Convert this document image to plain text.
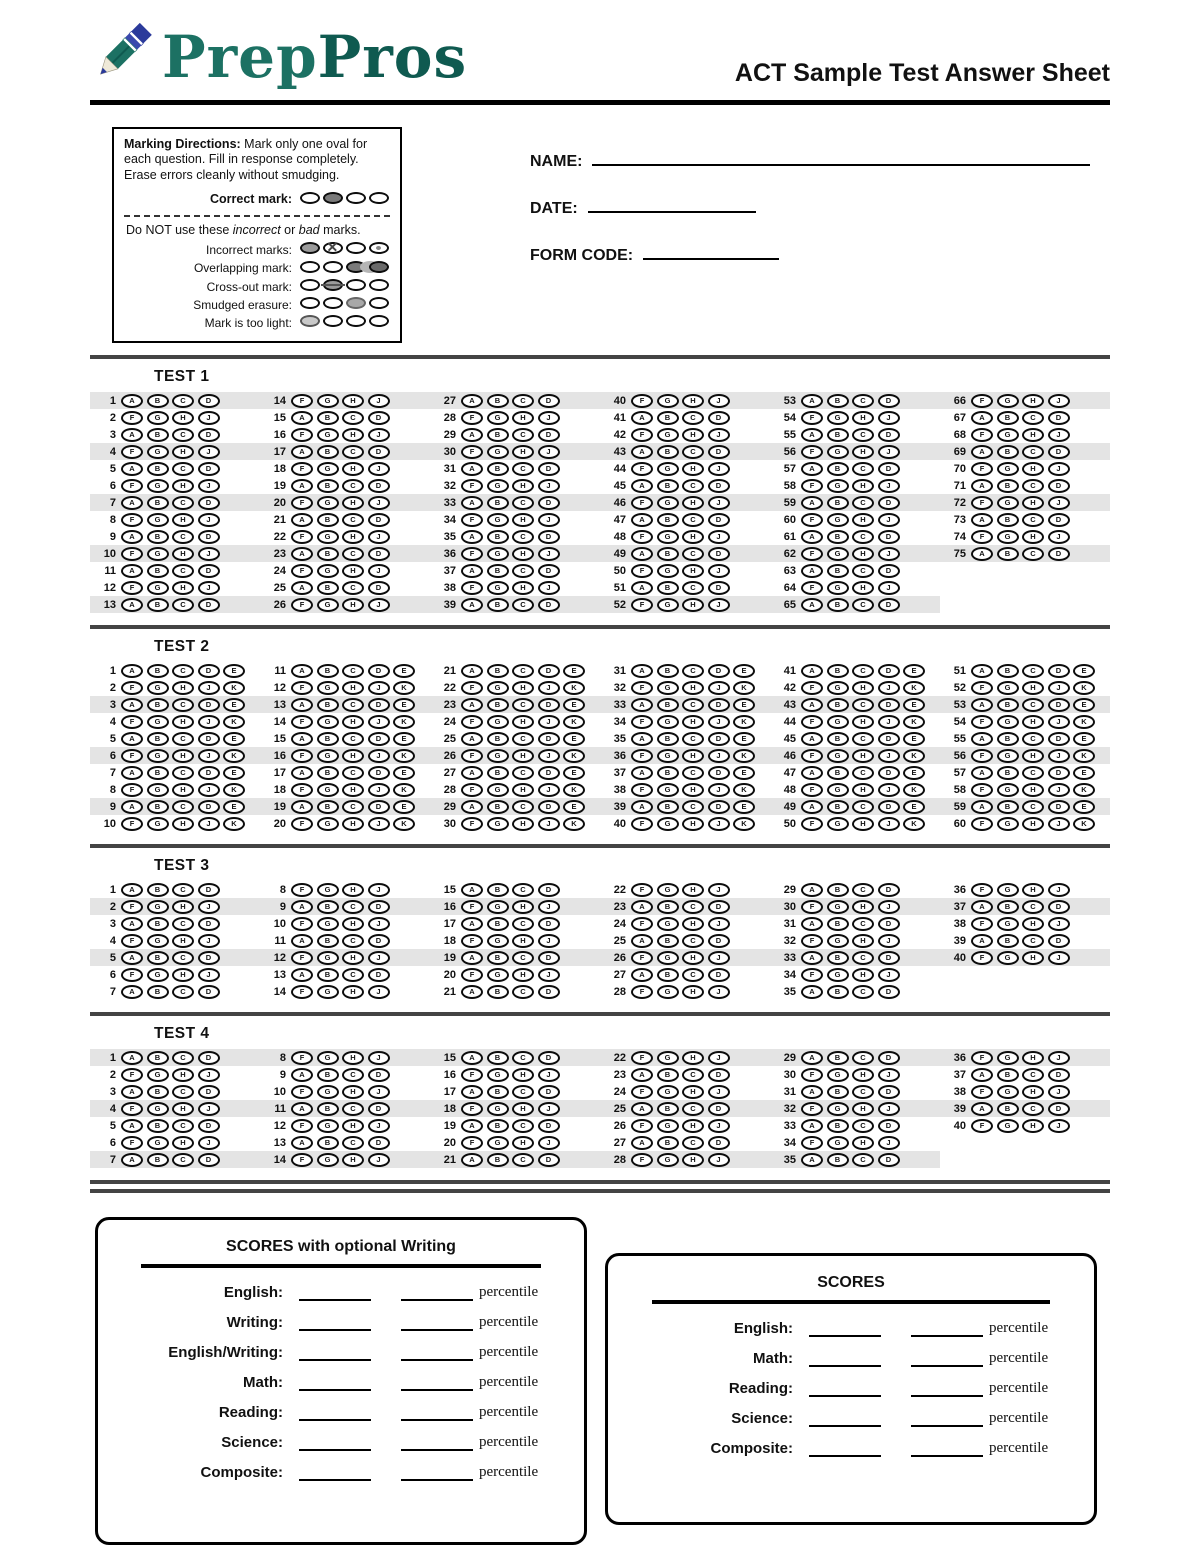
PrepPros	ACT Sample Test Answer Sheet
Marking Directions: Mark only one oval for each question. Fill in response completely. Erase errors cleanly without smudging.
Correct mark:
Do NOT use these incorrect or bad marks.
Incorrect marks:
✕
Overlapping mark:
Cross-out mark:
Smudged erasure:
Mark is too light:
NAME:
DATE:
FORM CODE:
TEST 1
1	A	B	C	D	14	F	G	H	J	27	A	B	C	D	40	F	G	H	J	53	A	B	C	D	66	F	G	H	J
2	F	G	H	J	15	A	B	C	D	28	F	G	H	J	41	A	B	C	D	54	F	G	H	J	67	A	B	C	D
3	A	B	C	D	16	F	G	H	J	29	A	B	C	D	42	F	G	H	J	55	A	B	C	D	68	F	G	H	J
4	F	G	H	J	17	A	B	C	D	30	F	G	H	J	43	A	B	C	D	56	F	G	H	J	69	A	B	C	D
5	A	B	C	D	18	F	G	H	J	31	A	B	C	D	44	F	G	H	J	57	A	B	C	D	70	F	G	H	J
6	F	G	H	J	19	A	B	C	D	32	F	G	H	J	45	A	B	C	D	58	F	G	H	J	71	A	B	C	D
7	A	B	C	D	20	F	G	H	J	33	A	B	C	D	46	F	G	H	J	59	A	B	C	D	72	F	G	H	J
8	F	G	H	J	21	A	B	C	D	34	F	G	H	J	47	A	B	C	D	60	F	G	H	J	73	A	B	C	D
9	A	B	C	D	22	F	G	H	J	35	A	B	C	D	48	F	G	H	J	61	A	B	C	D	74	F	G	H	J
10	F	G	H	J	23	A	B	C	D	36	F	G	H	J	49	A	B	C	D	62	F	G	H	J	75	A	B	C	D
11	A	B	C	D	24	F	G	H	J	37	A	B	C	D	50	F	G	H	J	63	A	B	C	D
12	F	G	H	J	25	A	B	C	D	38	F	G	H	J	51	A	B	C	D	64	F	G	H	J
13	A	B	C	D	26	F	G	H	J	39	A	B	C	D	52	F	G	H	J	65	A	B	C	D
TEST 2
1	A	B	C	D	E	11	A	B	C	D	E	21	A	B	C	D	E	31	A	B	C	D	E	41	A	B	C	D	E	51	A	B	C	D	E
2	F	G	H	J	K	12	F	G	H	J	K	22	F	G	H	J	K	32	F	G	H	J	K	42	F	G	H	J	K	52	F	G	H	J	K
3	A	B	C	D	E	13	A	B	C	D	E	23	A	B	C	D	E	33	A	B	C	D	E	43	A	B	C	D	E	53	A	B	C	D	E
4	F	G	H	J	K	14	F	G	H	J	K	24	F	G	H	J	K	34	F	G	H	J	K	44	F	G	H	J	K	54	F	G	H	J	K
5	A	B	C	D	E	15	A	B	C	D	E	25	A	B	C	D	E	35	A	B	C	D	E	45	A	B	C	D	E	55	A	B	C	D	E
6	F	G	H	J	K	16	F	G	H	J	K	26	F	G	H	J	K	36	F	G	H	J	K	46	F	G	H	J	K	56	F	G	H	J	K
7	A	B	C	D	E	17	A	B	C	D	E	27	A	B	C	D	E	37	A	B	C	D	E	47	A	B	C	D	E	57	A	B	C	D	E
8	F	G	H	J	K	18	F	G	H	J	K	28	F	G	H	J	K	38	F	G	H	J	K	48	F	G	H	J	K	58	F	G	H	J	K
9	A	B	C	D	E	19	A	B	C	D	E	29	A	B	C	D	E	39	A	B	C	D	E	49	A	B	C	D	E	59	A	B	C	D	E
10	F	G	H	J	K	20	F	G	H	J	K	30	F	G	H	J	K	40	F	G	H	J	K	50	F	G	H	J	K	60	F	G	H	J	K
TEST 3
1	A	B	C	D	8	F	G	H	J	15	A	B	C	D	22	F	G	H	J	29	A	B	C	D	36	F	G	H	J
2	F	G	H	J	9	A	B	C	D	16	F	G	H	J	23	A	B	C	D	30	F	G	H	J	37	A	B	C	D
3	A	B	C	D	10	F	G	H	J	17	A	B	C	D	24	F	G	H	J	31	A	B	C	D	38	F	G	H	J
4	F	G	H	J	11	A	B	C	D	18	F	G	H	J	25	A	B	C	D	32	F	G	H	J	39	A	B	C	D
5	A	B	C	D	12	F	G	H	J	19	A	B	C	D	26	F	G	H	J	33	A	B	C	D	40	F	G	H	J
6	F	G	H	J	13	A	B	C	D	20	F	G	H	J	27	A	B	C	D	34	F	G	H	J
7	A	B	C	D	14	F	G	H	J	21	A	B	C	D	28	F	G	H	J	35	A	B	C	D
TEST 4
1	A	B	C	D	8	F	G	H	J	15	A	B	C	D	22	F	G	H	J	29	A	B	C	D	36	F	G	H	J
2	F	G	H	J	9	A	B	C	D	16	F	G	H	J	23	A	B	C	D	30	F	G	H	J	37	A	B	C	D
3	A	B	C	D	10	F	G	H	J	17	A	B	C	D	24	F	G	H	J	31	A	B	C	D	38	F	G	H	J
4	F	G	H	J	11	A	B	C	D	18	F	G	H	J	25	A	B	C	D	32	F	G	H	J	39	A	B	C	D
5	A	B	C	D	12	F	G	H	J	19	A	B	C	D	26	F	G	H	J	33	A	B	C	D	40	F	G	H	J
6	F	G	H	J	13	A	B	C	D	20	F	G	H	J	27	A	B	C	D	34	F	G	H	J
7	A	B	C	D	14	F	G	H	J	21	A	B	C	D	28	F	G	H	J	35	A	B	C	D
SCORES with optional Writing
English:	percentile
Writing:	percentile
English/Writing:	percentile
Math:	percentile
Reading:	percentile
Science:	percentile
Composite:	percentile
SCORES
English:	percentile
Math:	percentile
Reading:	percentile
Science:	percentile
Composite:	percentile
